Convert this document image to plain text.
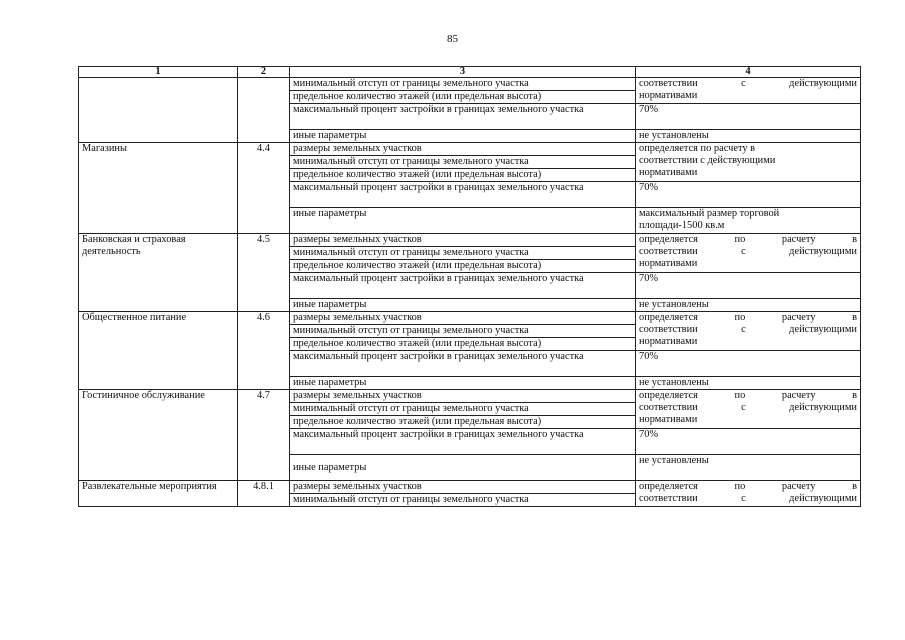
85
1	2	3	4
		минимальный отступ от границы земельного участка	соответствии с действующими
нормативами

		предельное количество этажей (или предельная высота)	
		максимальный процент застройки в границах земельного участка	70%
		иные параметры	не установлены
Магазины	4.4	размеры земельных участков	определяется по расчету в
соответствии с действующими
нормативами

		минимальный отступ от границы земельного участка	
		предельное количество этажей (или предельная высота)	
		максимальный процент застройки в границах земельного участка	70%
		иные параметры	максимальный размер торговой
площади-1500 кв.м

Банковская и страховая деятельность	4.5	размеры земельных участков	определяется по расчету в
соответствии с действующими
нормативами

		минимальный отступ от границы земельного участка	
		предельное количество этажей (или предельная высота)	
		максимальный процент застройки в границах земельного участка	70%
		иные параметры	не установлены
Общественное питание	4.6	размеры земельных участков	определяется по расчету в
соответствии с действующими
нормативами

		минимальный отступ от границы земельного участка	
		предельное количество этажей (или предельная высота)	
		максимальный процент застройки в границах земельного участка	70%
		иные параметры	не установлены
Гостиничное обслуживание	4.7	размеры земельных участков	определяется по расчету в
соответствии с действующими
нормативами

		минимальный отступ от границы земельного участка	
		предельное количество этажей (или предельная высота)	
		максимальный процент застройки в границах земельного участка	70%
		иные параметры	не установлены
Развлекательные мероприятия	4.8.1	размеры земельных участков	определяется по расчету в
соответствии с действующими

		минимальный отступ от границы земельного участка	
